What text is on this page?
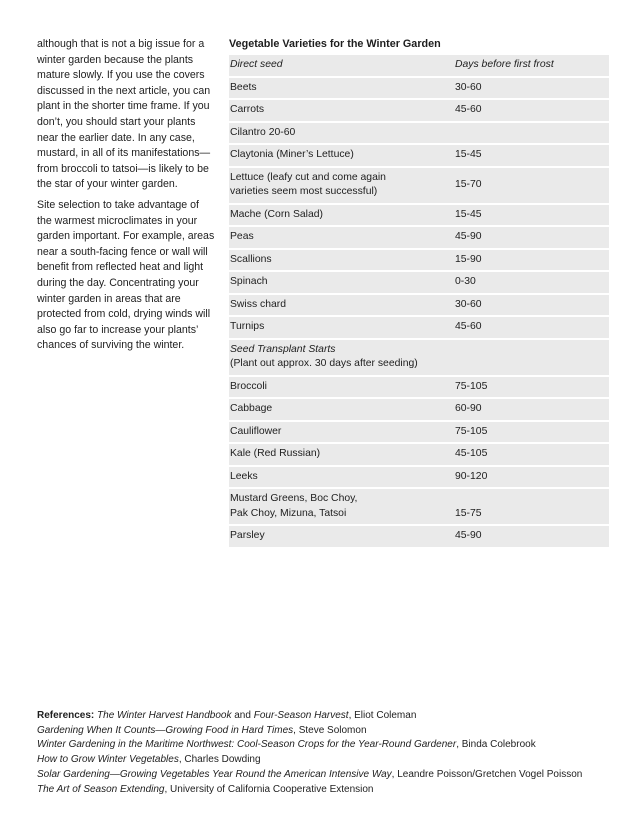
although that is not a big issue for a winter garden because the plants mature slowly. If you use the covers discussed in the next article, you can plant in the shorter time frame. If you don’t, you should start your plants near the earlier date. In any case, mustard, in all of its manifestations—from broccoli to tatsoi—is likely to be the star of your winter garden.

Site selection to take advantage of the warmest microclimates in your garden important. For example, areas near a south-facing fence or wall will benefit from reflected heat and light during the day. Concentrating your winter garden in areas that are protected from cold, drying winds will also go far to increase your plants’ chances of surviving the winter.

Vegetable Varieties for the Winter Garden
Direct seed	Days before first frost
Beets	30-60
Carrots	45-60
Cilantro 20-60	
Claytonia (Miner’s Lettuce)	15-45

Lettuce (leafy cut and come again
varieties seem most successful)	15-70
Mache (Corn Salad)	15-45
Peas	45-90
Scallions	15-90
Spinach	0-30
Swiss chard	30-60
Turnips	45-60

Seed Transplant Starts
(Plant out approx. 30 days after seeding)	

Broccoli	75-105
Cabbage	60-90
Cauliflower	75-105
Kale (Red Russian)	45-105
Leeks	90-120

Mustard Greens, Boc Choy,
Pak Choy, Mizuna, Tatsoi	15-75
Parsley	45-90
References: The Winter Harvest Handbook and Four-Season Harvest, Eliot Coleman
Gardening When It Counts—Growing Food in Hard Times, Steve Solomon
Winter Gardening in the Maritime Northwest: Cool-Season Crops for the Year-Round Gardener, Binda Colebrook
How to Grow Winter Vegetables, Charles Dowding
Solar Gardening—Growing Vegetables Year Round the American Intensive Way, Leandre Poisson/Gretchen Vogel Poisson
The Art of Season Extending, University of California Cooperative Extension
